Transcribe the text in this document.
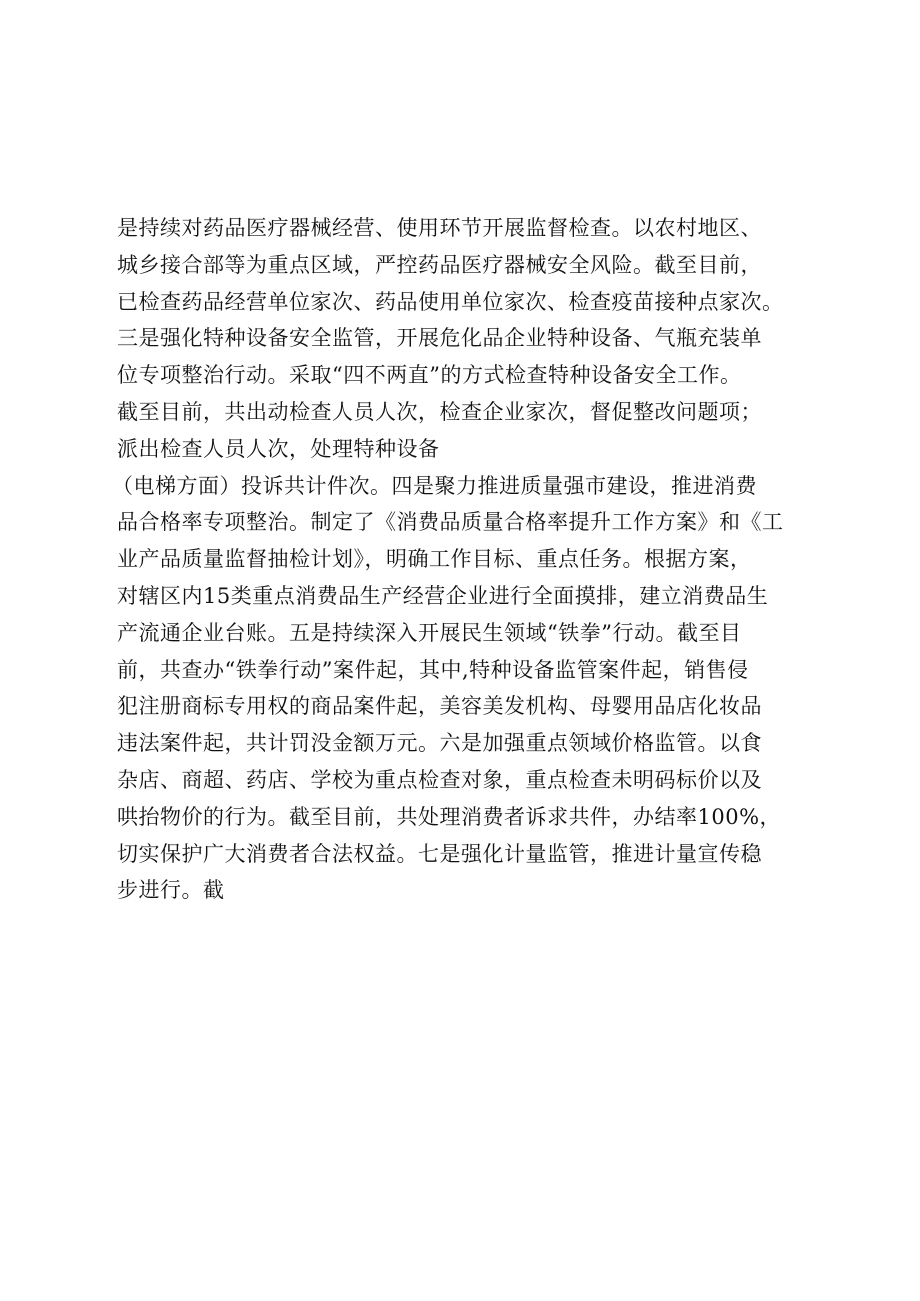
是持续对药品医疗器械经营、使用环节开展监督检查。以农村地区、
城乡接合部等为重点区域，严控药品医疗器械安全风险。截至目前，
已检查药品经营单位家次、药品使用单位家次、检查疫苗接种点家次。
三是强化特种设备安全监管，开展危化品企业特种设备、气瓶充装单
位专项整治行动。采取“四不两直”的方式检查特种设备安全工作。
截至目前，共出动检查人员人次，检查企业家次，督促整改问题项；
派出检查人员人次，处理特种设备
（电梯方面）投诉共计件次。四是聚力推进质量强市建设，推进消费
品合格率专项整治。制定了《消费品质量合格率提升工作方案》和《工
业产品质量监督抽检计划》，明确工作目标、重点任务。根据方案，
对辖区内15类重点消费品生产经营企业进行全面摸排，建立消费品生
产流通企业台账。五是持续深入开展民生领域“铁拳”行动。截至目
前，共查办“铁拳行动”案件起，其中,特种设备监管案件起，销售侵
犯注册商标专用权的商品案件起，美容美发机构、母婴用品店化妆品
违法案件起，共计罚没金额万元。六是加强重点领域价格监管。以食
杂店、商超、药店、学校为重点检查对象，重点检查未明码标价以及
哄抬物价的行为。截至目前，共处理消费者诉求共件，办结率100%，
切实保护广大消费者合法权益。七是强化计量监管，推进计量宣传稳
步进行。截
